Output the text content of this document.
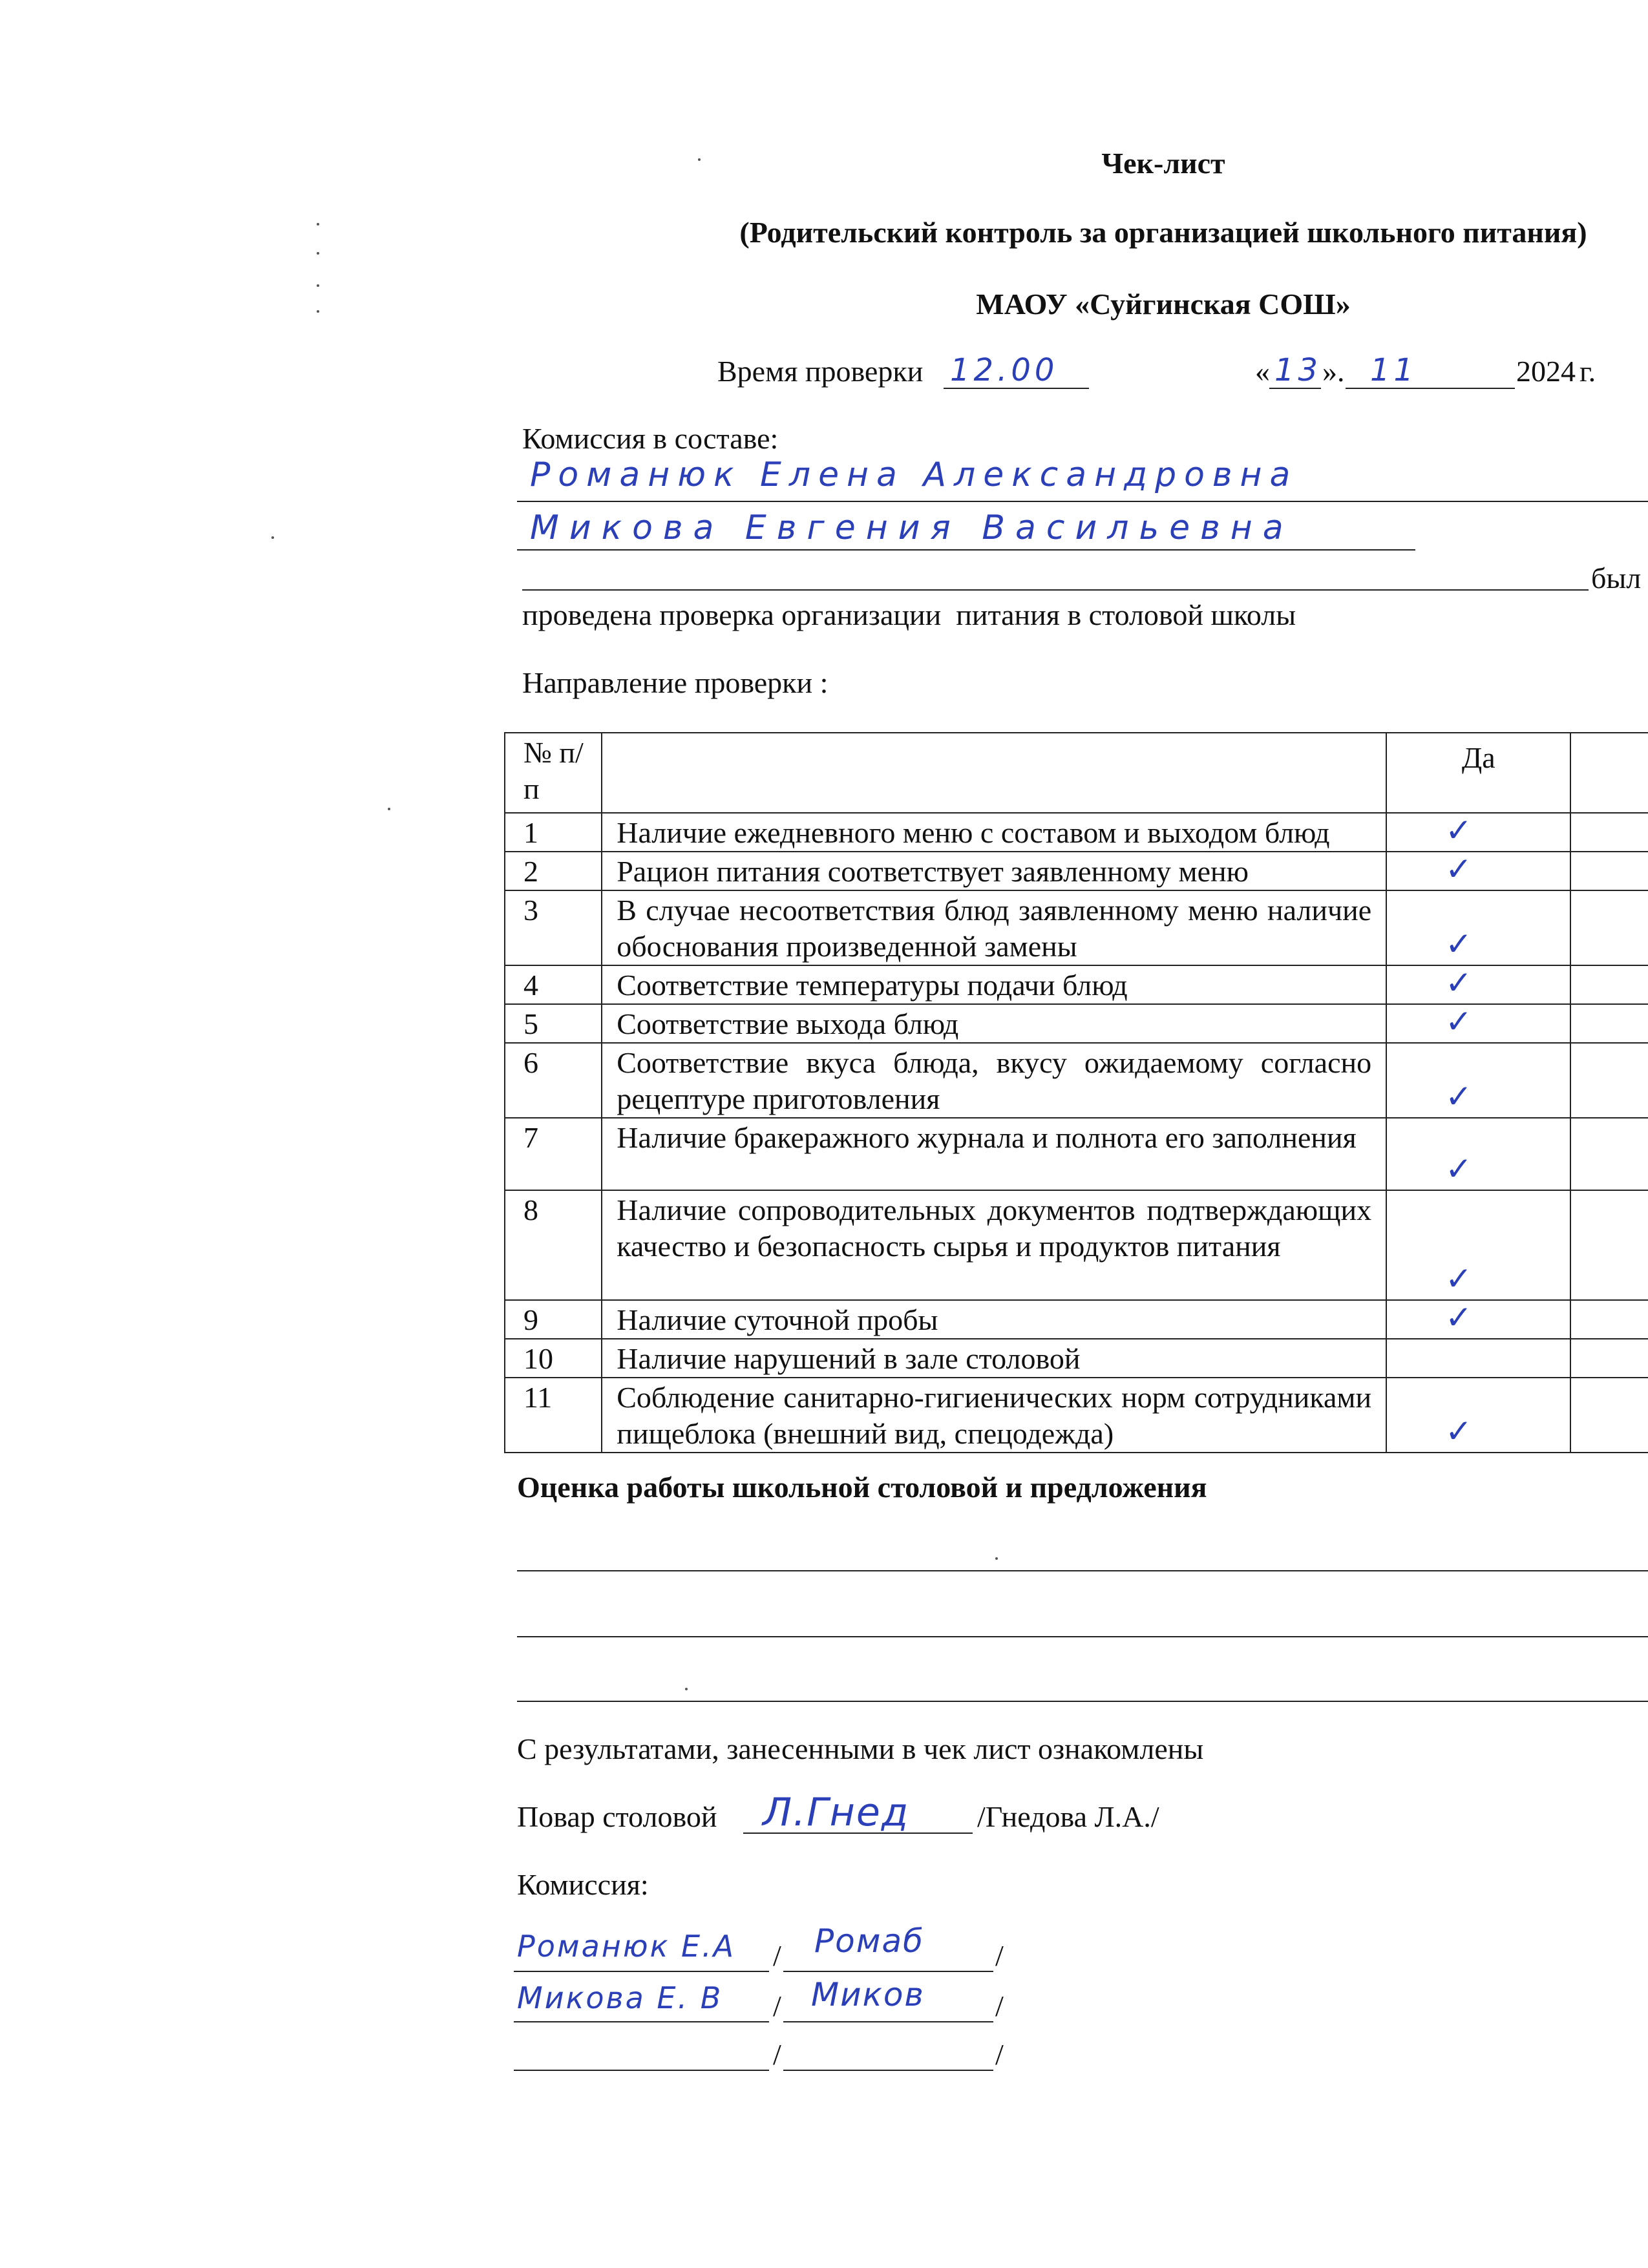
Чек-лист
(Родительский контроль за организацией школьного питания)
МАОУ «Суйгинская СОШ»
Время проверки 12.00	« 13 ». 11	2024 г.
Комиссия в составе:
Романюк Елена Александровна
Микова Евгения Васильевна
был
проведена проверка организации  питания в столовой школы
Направление проверки :
№ п/п		Да	
1	Наличие ежедневного меню с составом и выходом блюд	✓	

2	Рацион питания соответствует заявленному меню	✓	

3	В случае несоответствия блюд заявленному меню наличие обоснования произведенной замены	✓	

4	Соответствие температуры подачи блюд	✓	

5	Соответствие выхода блюд	✓	

6	Соответствие вкуса блюда, вкусу ожидаемому согласно рецептуре приготовления	✓	

7	Наличие бракеражного журнала и полнота его заполнения	✓	

8	Наличие сопроводительных документов подтверждающих качество и безопасность сырья и продуктов питания	✓	

9	Наличие суточной пробы	✓	

10	Наличие нарушений в зале столовой		
11	Соблюдение санитарно-гигиенических норм сотрудниками пищеблока (внешний вид, спецодежда)	✓	

Оценка работы школьной столовой и предложения
С результатами, занесенными в чек лист ознакомлены
Повар столовой Л.Гнед /Гнедова Л.А./
Комиссия:
Романюк Е.А / Ромаб /
Микова Е. В / Миков /
/	/
